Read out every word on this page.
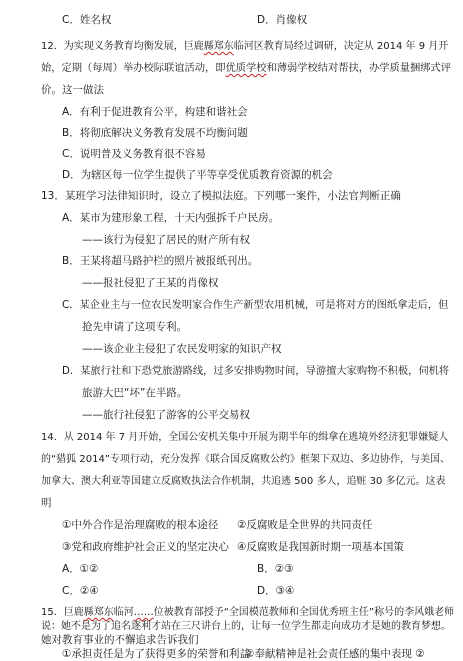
C．姓名权	D．肖像权
12．为实现义务教育均衡发展，巨鹿縣郑东临河区教育局经过调研，决定从 2014 年 9 月开
始，定期（每周）举办校际联谊活动，即优质学校和薄弱学校结对帮扶，办学质量捆绑式评
价。这一做法
A．有利于促进教育公平，构建和谐社会
B．将彻底解决义务教育发展不均衡问题
C．说明普及义务教育很不容易
D．为辖区每一位学生提供了平等享受优质教育资源的机会
13．某班学习法律知识时，设立了模拟法庭。下列哪一案件，小法官判断正确
A．某市为建形象工程，十天内强拆千户民房。
——该行为侵犯了居民的财产所有权
B．王某将超马路护栏的照片被报纸刊出。
——报社侵犯了王某的肖像权
C．某企业主与一位农民发明家合作生产新型农用机械，可是将对方的图纸拿走后，但
抢先申请了这项专利。
——该企业主侵犯了农民发明家的知识产权
D．某旅行社和下恐党旅游路线，过多安排购物时间，导游擅大家购物不积极，伺机将
旅游大巴“坏”在半路。
——旅行社侵犯了游客的公平交易权
14．从 2014 年 7 月开始，全国公安机关集中开展为期半年的缉拿在逃境外经济犯罪嫌疑人
的“猎狐 2014”专项行动，充分发挥《联合国反腐败公约》框架下双边、多边协作，与美国、
加拿大、澳大利亚等国建立反腐败执法合作机制，共追逃 500 多人，追赃 30 多亿元。这表
明
①中外合作是治理腐败的根本途径 ②反腐败是全世界的共同责任
③党和政府维护社会正义的坚定决心 ④反腐败是我国新时期一项基本国策
A．①②	B．②③
C．②④	D．③④
15．巨鹿縣郑东临河……位被教育部授予“全国模范教师和全国优秀班主任”称号的李风娥老师
说：她不是为了追名逐利才站在三尺讲台上的，让每一位学生都走向成功才是她的教育梦想。
她对教育事业的不懈追求告诉我们
①承担责任是为了获得更多的荣誉和利益
②奉献精神是社会责任感的集中表现 ②
